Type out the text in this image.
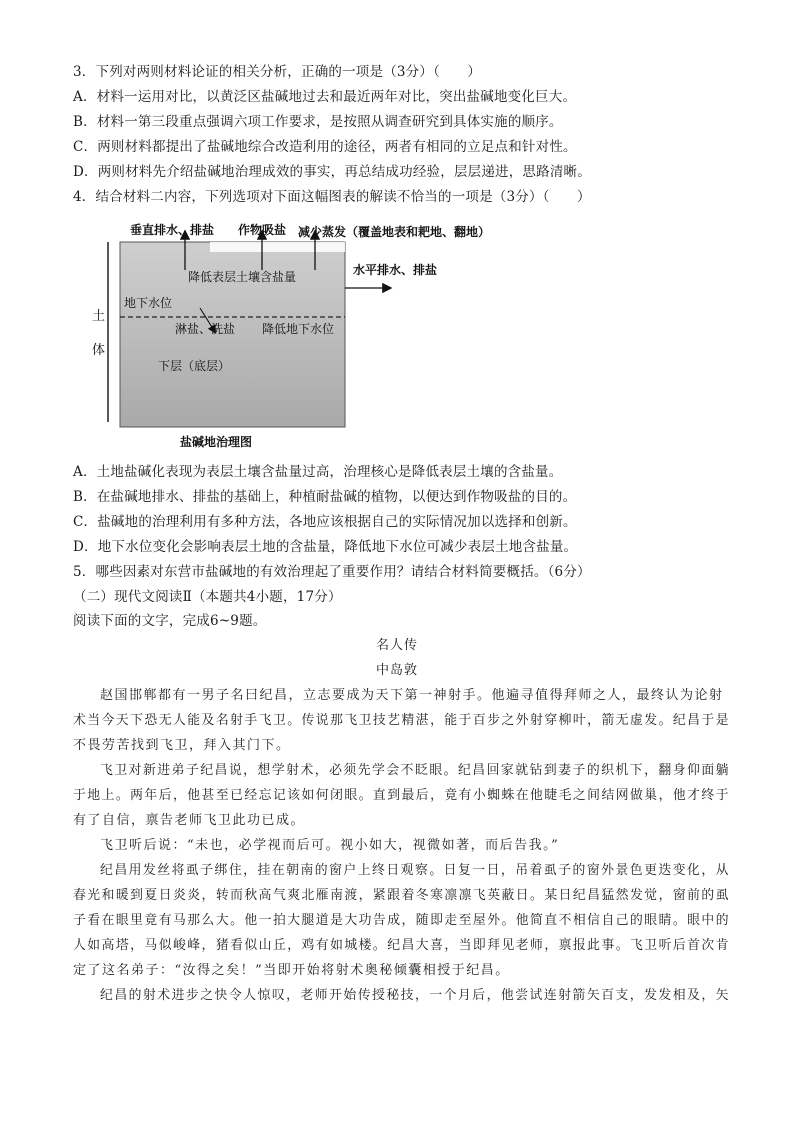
3．下列对两则材料论证的相关分析，正确的一项是（3分）（　　）
A．材料一运用对比，以黄泛区盐碱地过去和最近两年对比，突出盐碱地变化巨大。
B．材料一第三段重点强调六项工作要求，是按照从调查研究到具体实施的顺序。
C．两则材料都提出了盐碱地综合改造利用的途径，两者有相同的立足点和针对性。
D．两则材料先介绍盐碱地治理成效的事实，再总结成功经验，层层递进，思路清晰。
4．结合材料二内容，下列选项对下面这幅图表的解读不恰当的一项是（3分）（　　）
垂直排水、排盐 作物吸盐 减少蒸发（覆盖地表和耙地、翻地）
降低表层土壤含盐量	水平排水、排盐
地下水位
淋盐、洗盐 降低地下水位
下层（底层）
土
体
盐碱地治理图
A．土地盐碱化表现为表层土壤含盐量过高，治理核心是降低表层土壤的含盐量。
B．在盐碱地排水、排盐的基础上，种植耐盐碱的植物，以便达到作物吸盐的目的。
C．盐碱地的治理利用有多种方法，各地应该根据自己的实际情况加以选择和创新。
D．地下水位变化会影响表层土地的含盐量，降低地下水位可减少表层土地含盐量。
5．哪些因素对东营市盐碱地的有效治理起了重要作用？请结合材料简要概括。（6分）
（二）现代文阅读Ⅱ（本题共4小题，17分）
阅读下面的文字，完成6~9题。
名人传
中岛敦
赵国邯郸都有一男子名曰纪昌，立志要成为天下第一神射手。他遍寻值得拜师之人，最终认为论射
术当今天下恐无人能及名射手飞卫。传说那飞卫技艺精湛，能于百步之外射穿柳叶，箭无虚发。纪昌于是
不畏劳苦找到飞卫，拜入其门下。
飞卫对新进弟子纪昌说，想学射术，必须先学会不眨眼。纪昌回家就钻到妻子的织机下，翻身仰面躺
于地上。两年后，他甚至已经忘记该如何闭眼。直到最后，竟有小蜘蛛在他睫毛之间结网做巢，他才终于
有了自信，禀告老师飞卫此功已成。
飞卫听后说：“未也，必学视而后可。视小如大，视微如著，而后告我。”
纪昌用发丝将虱子绑住，挂在朝南的窗户上终日观察。日复一日，吊着虱子的窗外景色更迭变化，从
春光和暖到夏日炎炎，转而秋高气爽北雁南渡，紧跟着冬寒凛凛飞英蔽日。某日纪昌猛然发觉，窗前的虱
子看在眼里竟有马那么大。他一拍大腿道是大功告成，随即走至屋外。他简直不相信自己的眼睛。眼中的
人如高塔，马似峻峰，猪看似山丘，鸡有如城楼。纪昌大喜，当即拜见老师，禀报此事。飞卫听后首次肯
定了这名弟子：“汝得之矣！”当即开始将射术奥秘倾囊相授于纪昌。
纪昌的射术进步之快令人惊叹，老师开始传授秘技，一个月后，他尝试连射箭矢百支，发发相及，矢
